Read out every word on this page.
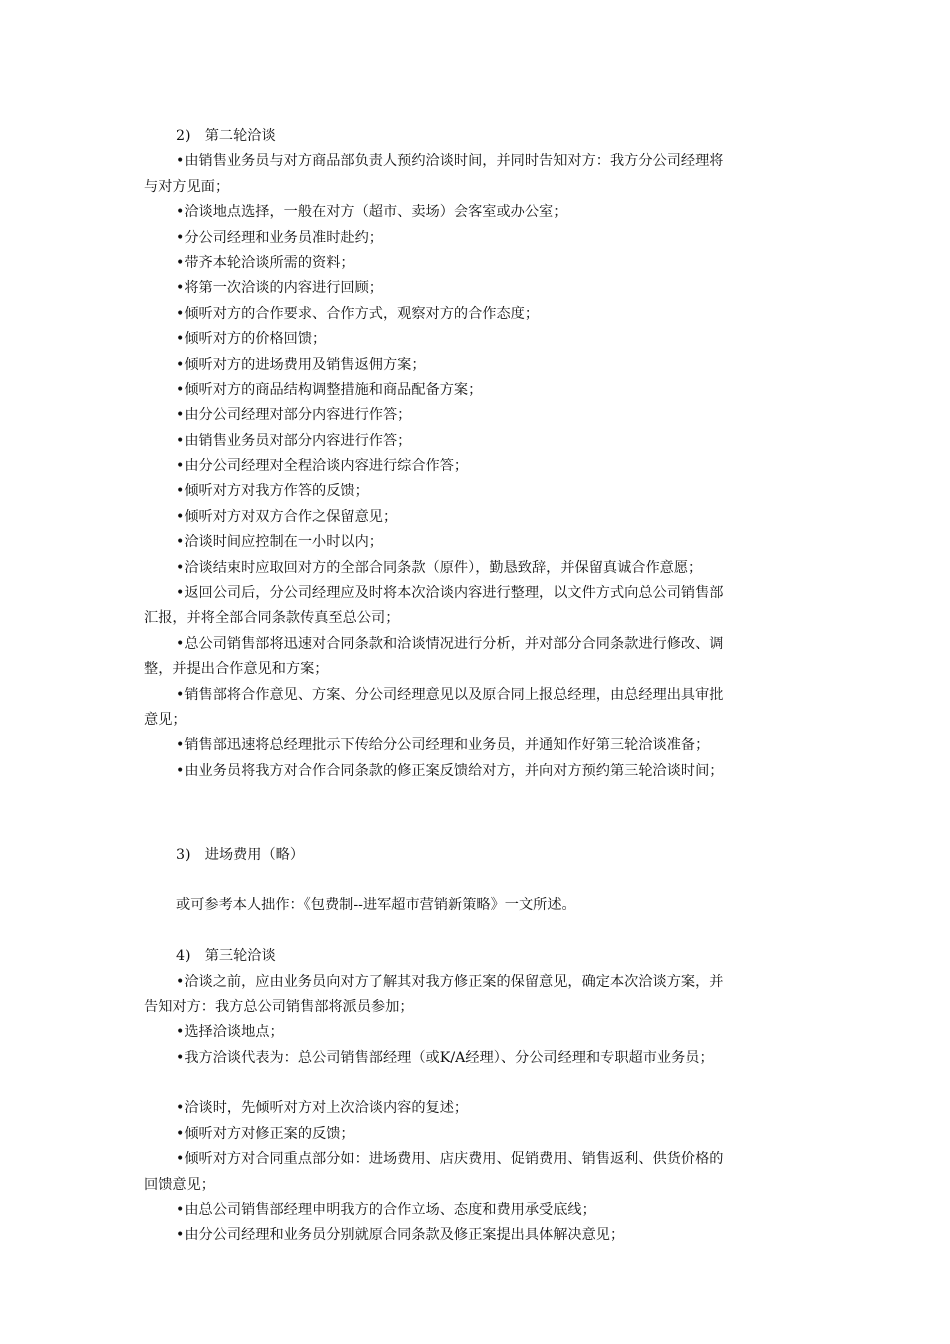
2)　第二轮洽谈
•由销售业务员与对方商品部负责人预约洽谈时间，并同时告知对方：我方分公司经理将
与对方见面；
•洽谈地点选择，一般在对方（超市、卖场）会客室或办公室；
•分公司经理和业务员准时赴约；
•带齐本轮洽谈所需的资料；
•将第一次洽谈的内容进行回顾；
•倾听对方的合作要求、合作方式，观察对方的合作态度；
•倾听对方的价格回馈；
•倾听对方的进场费用及销售返佣方案；
•倾听对方的商品结构调整措施和商品配备方案；
•由分公司经理对部分内容进行作答；
•由销售业务员对部分内容进行作答；
•由分公司经理对全程洽谈内容进行综合作答；
•倾听对方对我方作答的反馈；
•倾听对方对双方合作之保留意见；
•洽谈时间应控制在一小时以内；
•洽谈结束时应取回对方的全部合同条款（原件），勤恳致辞，并保留真诚合作意愿；
•返回公司后，分公司经理应及时将本次洽谈内容进行整理，以文件方式向总公司销售部
汇报，并将全部合同条款传真至总公司；
•总公司销售部将迅速对合同条款和洽谈情况进行分析，并对部分合同条款进行修改、调
整，并提出合作意见和方案；
•销售部将合作意见、方案、分公司经理意见以及原合同上报总经理，由总经理出具审批
意见；
•销售部迅速将总经理批示下传给分公司经理和业务员，并通知作好第三轮洽谈准备；
•由业务员将我方对合作合同条款的修正案反馈给对方，并向对方预约第三轮洽谈时间；
3)　进场费用（略）
或可参考本人拙作：《包费制--进军超市营销新策略》一文所述。
4)　第三轮洽谈
•洽谈之前，应由业务员向对方了解其对我方修正案的保留意见，确定本次洽谈方案，并
告知对方：我方总公司销售部将派员参加；
•选择洽谈地点；
•我方洽谈代表为：总公司销售部经理（或K/A经理）、分公司经理和专职超市业务员；
•洽谈时，先倾听对方对上次洽谈内容的复述；
•倾听对方对修正案的反馈；
•倾听对方对合同重点部分如：进场费用、店庆费用、促销费用、销售返利、供货价格的
回馈意见；
•由总公司销售部经理申明我方的合作立场、态度和费用承受底线；
•由分公司经理和业务员分别就原合同条款及修正案提出具体解决意见；
